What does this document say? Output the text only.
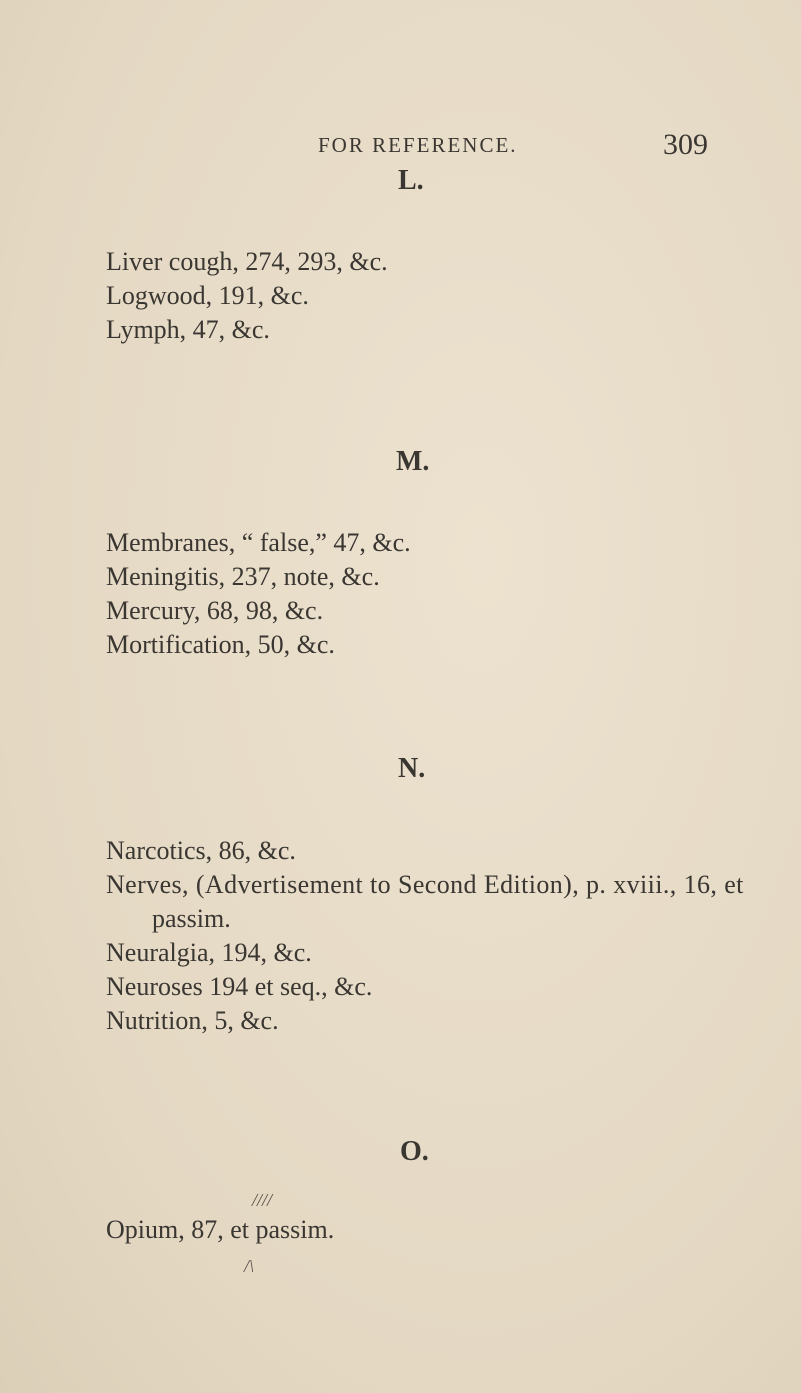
FOR REFERENCE.	309
L.
Liver cough, 274, 293, &c.
Logwood, 191, &c.
Lymph, 47, &c.
M.
Membranes, “ false,” 47, &c.
Meningitis, 237, note, &c.
Mercury, 68, 98, &c.
Mortification, 50, &c.
N.
Narcotics, 86, &c.
Nerves, (Advertisement to Second Edition), p. xviii., 16, et
passim.
Neuralgia, 194, &c.
Neuroses 194 et seq., &c.
Nutrition, 5, &c.
O.
////
Opium, 87, et passim.
/\
